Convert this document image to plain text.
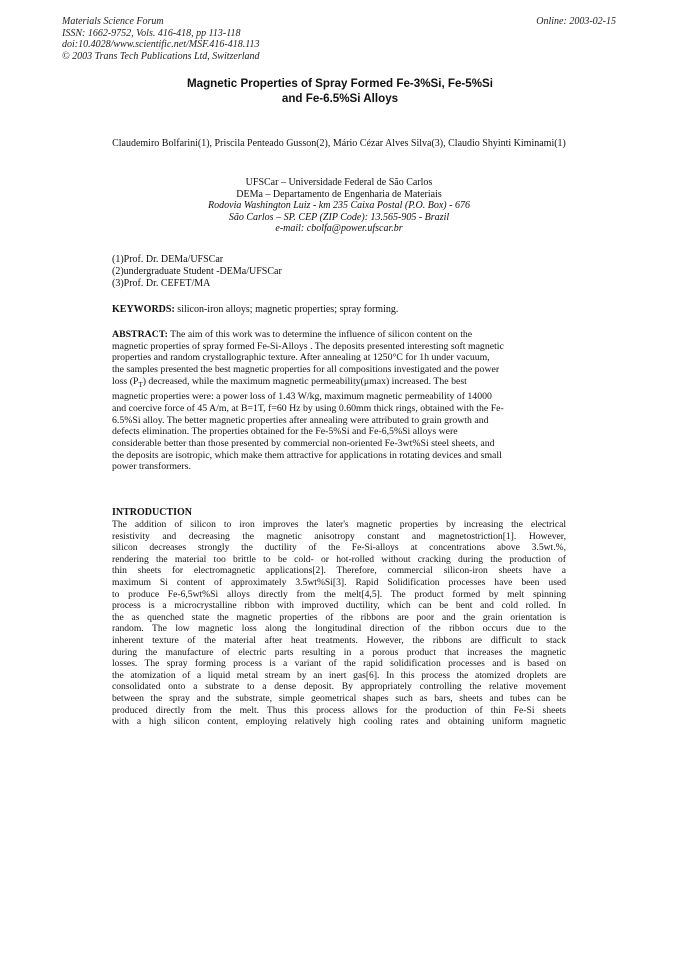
Materials Science Forum
ISSN: 1662-9752, Vols. 416-418, pp 113-118
doi:10.4028/www.scientific.net/MSF.416-418.113
© 2003 Trans Tech Publications Ltd, Switzerland
Online: 2003-02-15
Magnetic Properties of Spray Formed Fe-3%Si, Fe-5%Si
and Fe-6.5%Si Alloys
Claudemiro Bolfarini(1), Priscila Penteado Gusson(2), Mário Cézar Alves Silva(3), Claudio Shyinti Kiminami(1)
UFSCar – Universidade Federal de São Carlos
DEMa – Departamento de Engenharia de Materiais
Rodovia Washington Luiz - km 235 Caixa Postal (P.O. Box) - 676
São Carlos – SP. CEP (ZIP Code): 13.565-905 - Brazil
e-mail: cbolfa@power.ufscar.br
(1)Prof. Dr. DEMa/UFSCar
(2)undergraduate Student -DEMa/UFSCar
(3)Prof. Dr. CEFET/MA
KEYWORDS: silicon-iron alloys; magnetic properties; spray forming.
ABSTRACT: The aim of this work was to determine the influence of silicon content on the
magnetic properties of spray formed Fe-Si-Alloys . The deposits presented interesting soft magnetic
properties and random crystallographic texture. After annealing at 1250°C for 1h under vacuum,
the samples presented the best magnetic properties for all compositions investigated and the power
loss $(P_T)$ decreased, while the maximum magnetic permeability(μmax) increased. The best
magnetic properties were: a power loss of 1.43 W/kg, maximum magnetic permeability of 14000
and coercive force of 45 A/m, at B=1T, f=60 Hz by using 0.60mm thick rings, obtained with the Fe-
6.5%Si alloy. The better magnetic properties after annealing were attributed to grain growth and
defects elimination. The properties obtained for the Fe-5%Si and Fe-6,5%Si alloys were
considerable better than those presented by commercial non-oriented Fe-3wt%Si steel sheets, and
the deposits are isotropic, which make them attractive for applications in rotating devices and small
power transformers.
INTRODUCTION
The addition of silicon to iron improves the later's magnetic properties by increasing the electrical
resistivity and decreasing the magnetic anisotropy constant and magnetostriction[1]. However,
silicon decreases strongly the ductility of the Fe-Si-alloys at concentrations above 3.5wt.%,
rendering the material too brittle to be cold- or hot-rolled without cracking during the production of
thin sheets for electromagnetic applications[2]. Therefore, commercial silicon-iron sheets have a
maximum Si content of approximately 3.5wt%Si[3]. Rapid Solidification processes have been used
to produce Fe-6,5wt%Si alloys directly from the melt[4,5]. The product formed by melt spinning
process is a microcrystalline ribbon with improved ductility, which can be bent and cold rolled. In
the as quenched state the magnetic properties of the ribbons are poor and the grain orientation is
random. The low magnetic loss along the longitudinal direction of the ribbon occurs due to the
inherent texture of the material after heat treatments. However, the ribbons are difficult to stack
during the manufacture of electric parts resulting in a porous product that increases the magnetic
losses. The spray forming process is a variant of the rapid solidification processes and is based on
the atomization of a liquid metal stream by an inert gas[6]. In this process the atomized droplets are
consolidated onto a substrate to a dense deposit. By appropriately controlling the relative movement
between the spray and the substrate, simple geometrical shapes such as bars, sheets and tubes can be
produced directly from the melt. Thus this process allows for the production of thin Fe-Si sheets
with a high silicon content, employing relatively high cooling rates and obtaining uniform magnetic
